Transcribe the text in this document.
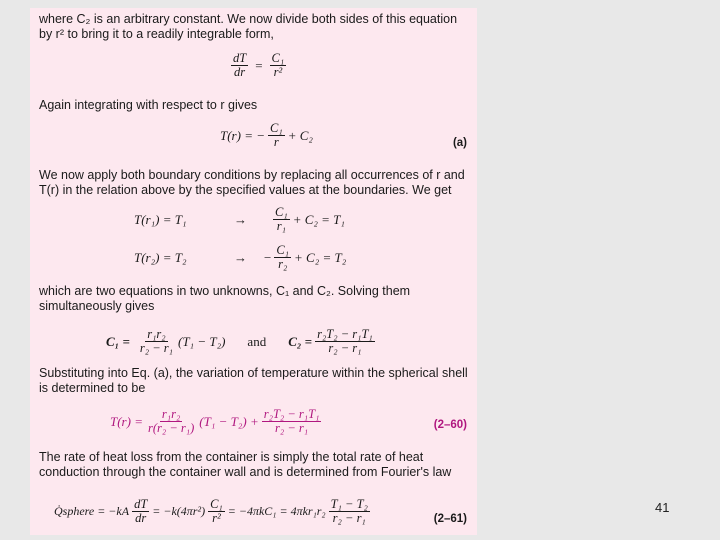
where C₂ is an arbitrary constant. We now divide both sides of this equation by r² to bring it to a readily integrable form,
$\frac{dT}{dr} = \frac{\text{C₁}}{\text{r²}}$
Again integrating with respect to r gives
T(r) = − $\frac{\text{C₁}}{r} + C_2$	(a)
We now apply both boundary conditions by replacing all occurrences of r and T(r) in the relation above by the specified values at the boundaries. We get
T(r₁) = T₁	→	$\frac{\text{C₁}}{\text{r₁}} + C_2 = T_1$
T(r₂) = T₂	→	− $\frac{\text{C₁}}{\text{r₂}} + C_2 = T_2$
which are two equations in two unknowns, C₁ and C₂. Solving them simultaneously gives
$C_1 = \frac{\text{r₁r₂}}{\text{r₂ − r₁}} (T_1 - T_2)$ and $C_2 = \frac{\text{r₂T₂ − r₁T₁}}{\text{r₂ − r₁}}$
Substituting into Eq. (a), the variation of temperature within the spherical shell is determined to be
$T(r) = \frac{\text{r₁r₂}}{\text{r(r₂ − r₁)}} (T_1 - T_2) + \frac{\text{r₂T₂ − r₁T₁}}{\text{r₂ − r₁}}$	(2–60)
The rate of heat loss from the container is simply the total rate of heat conduction through the container wall and is determined from Fourier's law
Q̇sphere = $-kA \frac{dT}{dr} = -k(4\pi r^2) \frac{\text{C₁}}{\text{r²}} = -4\pi kC_1 = 4\pi kr_1r_2 \frac{\text{T₁ − T₂}}{\text{r₂ − r₁}}$	(2–61)
41
